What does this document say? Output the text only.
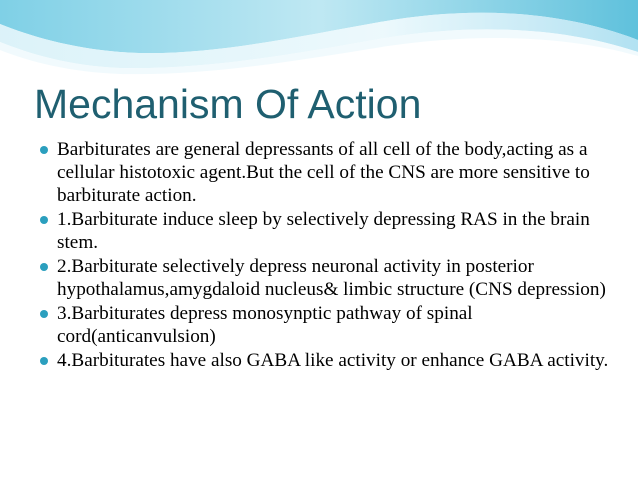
Mechanism Of Action
Barbiturates are general depressants of all cell of the body,acting as a cellular histotoxic agent.But the cell of the CNS are more sensitive to barbiturate action.
1.Barbiturate induce sleep by selectively depressing RAS in the brain stem.
2.Barbiturate selectively depress neuronal activity in posterior hypothalamus,amygdaloid nucleus& limbic structure (CNS depression)
3.Barbiturates depress monosynptic pathway of spinal cord(anticanvulsion)
4.Barbiturates have also GABA like activity or enhance GABA activity.
